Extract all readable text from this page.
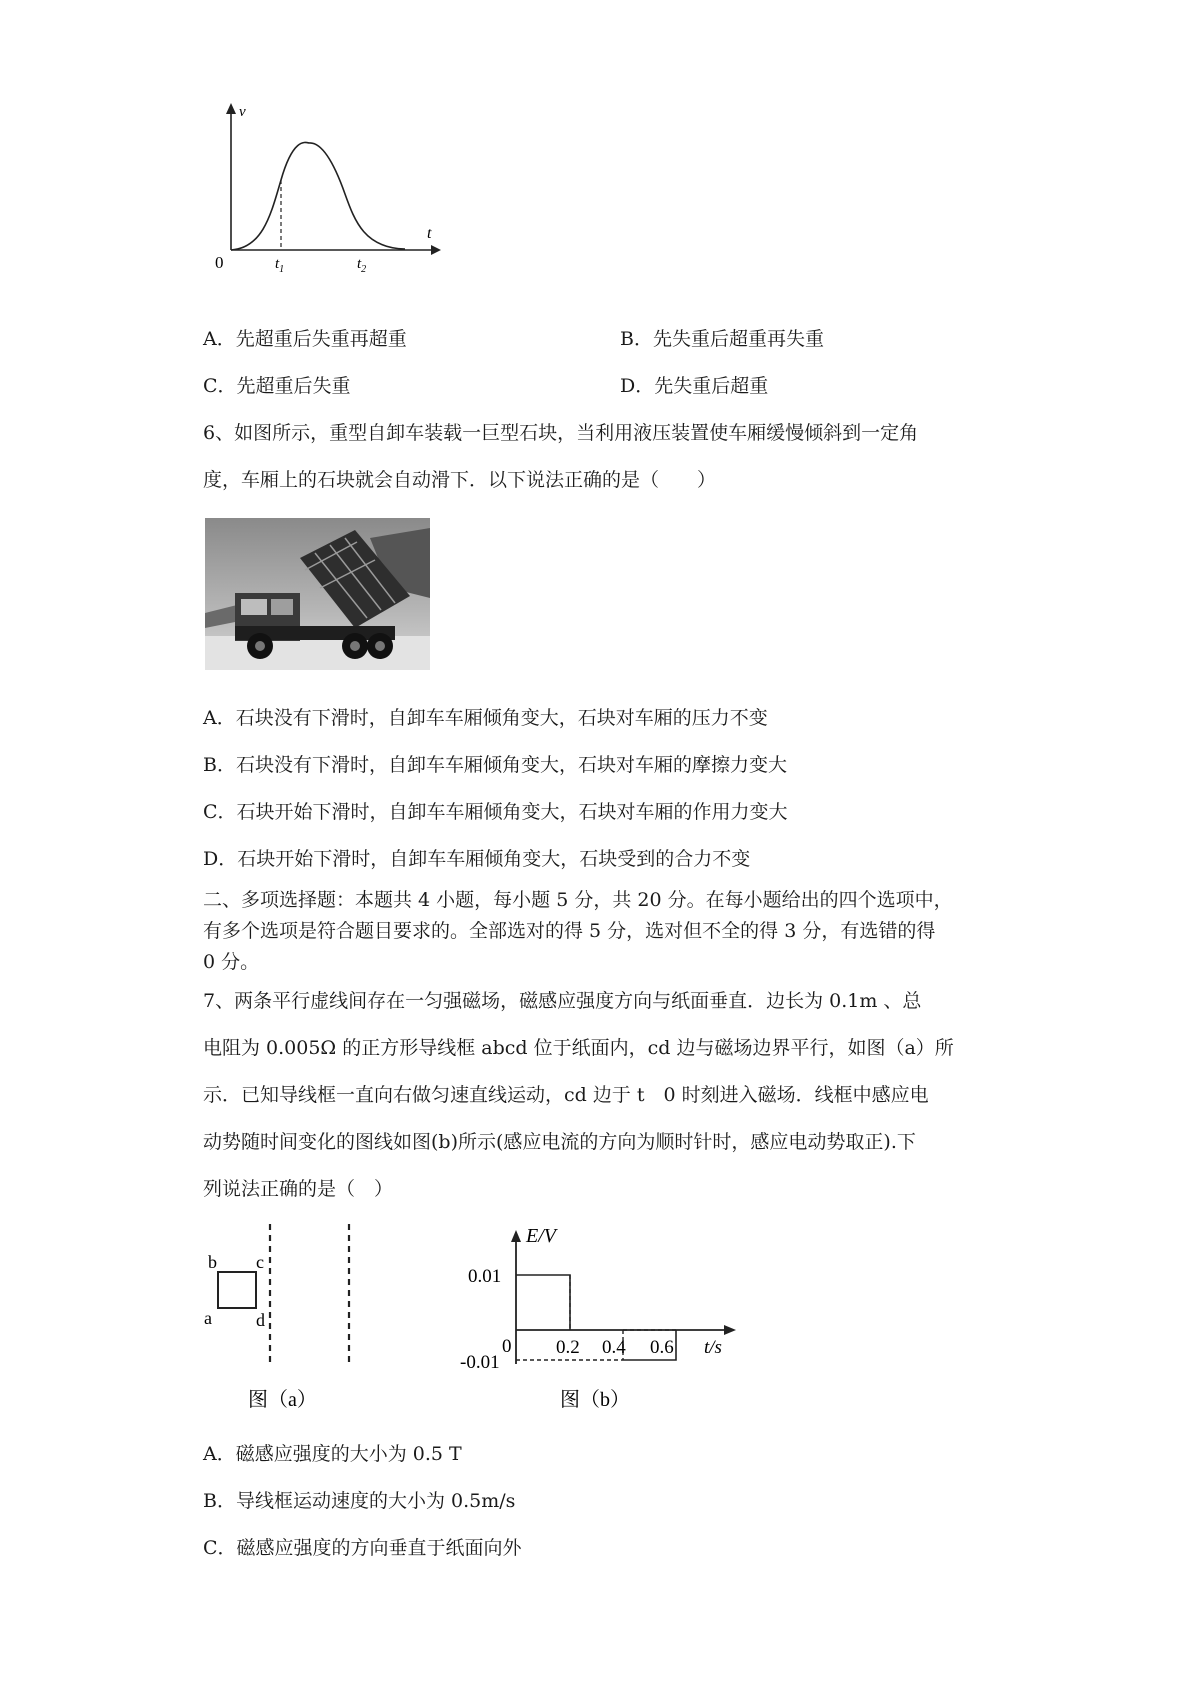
v
t
0	$t_1$	$t_2$
A．先超重后失重再超重	B．先失重后超重再失重
C．先超重后失重	D．先失重后超重
6、如图所示，重型自卸车装载一巨型石块，当利用液压装置使车厢缓慢倾斜到一定角
度，车厢上的石块就会自动滑下．以下说法正确的是（　　）
A．石块没有下滑时，自卸车车厢倾角变大，石块对车厢的压力不变
B．石块没有下滑时，自卸车车厢倾角变大，石块对车厢的摩擦力变大
C．石块开始下滑时，自卸车车厢倾角变大，石块对车厢的作用力变大
D．石块开始下滑时，自卸车车厢倾角变大，石块受到的合力不变
二、多项选择题：本题共 4 小题，每小题 5 分，共 20 分。在每小题给出的四个选项中，
有多个选项是符合题目要求的。全部选对的得 5 分，选对但不全的得 3 分，有选错的得
0 分。
7、两条平行虚线间存在一匀强磁场，磁感应强度方向与纸面垂直．边长为 0.1m 、总
电阻为 0.005Ω 的正方形导线框 abcd 位于纸面内，cd 边与磁场边界平行，如图（a）所
示．已知导线框一直向右做匀速直线运动，cd 边于 t　0 时刻进入磁场．线框中感应电
动势随时间变化的图线如图(b)所示(感应电流的方向为顺时针时，感应电动势取正).下
列说法正确的是（　）
b c
a d
图（a）
E/V
t/s
0.01
-0.01
0 0.2 0.4 0.6
图（b）
A．磁感应强度的大小为 0.5 T
B．导线框运动速度的大小为 0.5m/s
C．磁感应强度的方向垂直于纸面向外
